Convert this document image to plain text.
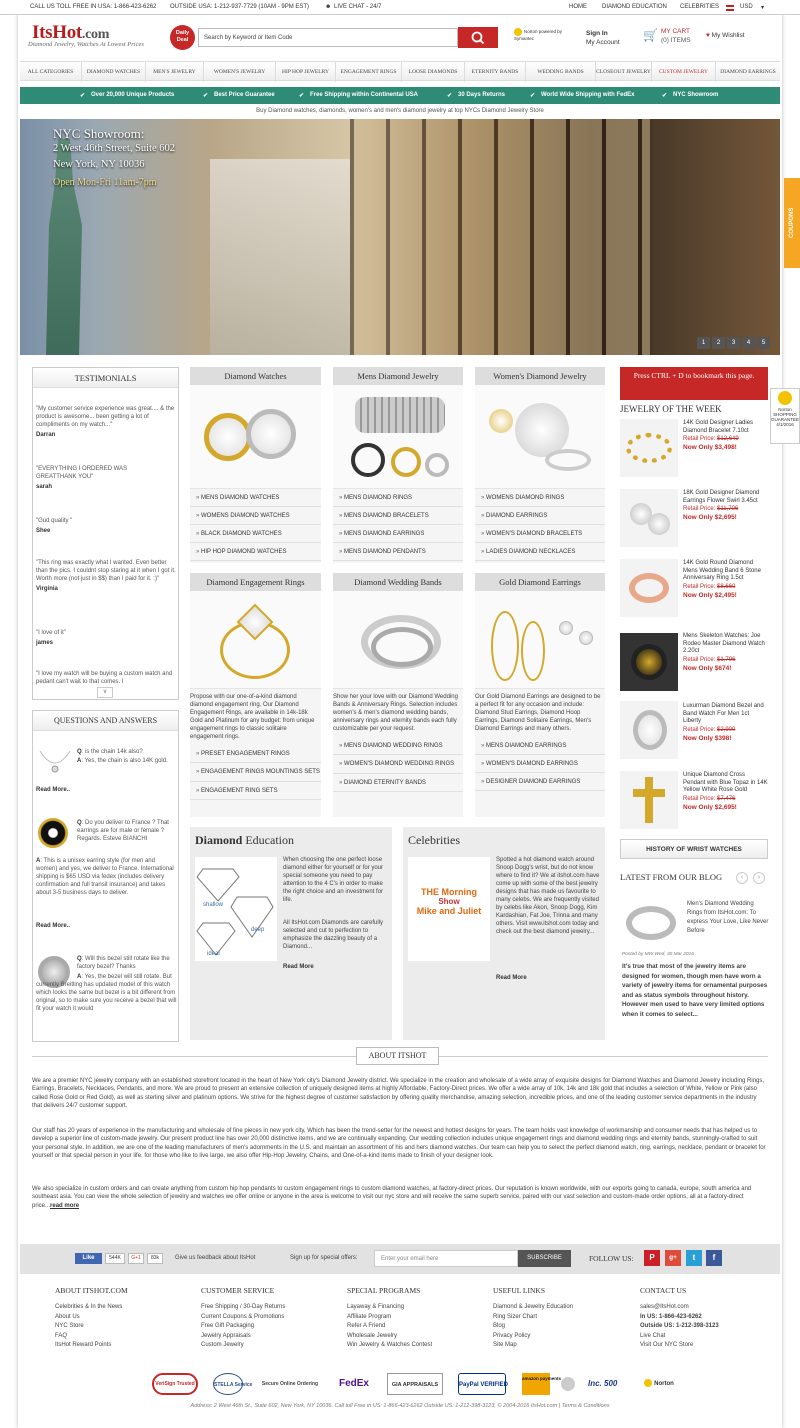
CALL US TOLL FREE IN USA: 1-866-423-6262 OUTSIDE USA: 1-212-937-7729 (10AM - 9PM EST)	☻ LIVE CHAT - 24/7	HOME	DIAMOND EDUCATION CELEBRITIES	USD ▾
ItsHot.com
Diamond Jewelry, Watches At Lowest Prices
Daily Deal	Search by Keyword or Item Code
Norton powered by Symantec
Sign In
My Account
🛒 MY CART
(0) ITEMS
♥ My Wishlist
ALL CATEGORIES	DIAMOND WATCHES	MEN'S JEWELRY	WOMEN'S JEWELRY	HIP HOP JEWELRY	ENGAGEMENT RINGS	LOOSE DIAMONDS	ETERNITY BANDS	WEDDING BANDS	CLOSEOUT JEWELRY	CUSTOM JEWELRY	DIAMOND EARRINGS
✔ Over 20,000 Unique Products	✔ Best Price Guarantee	✔ Free Shipping within Continental USA	✔ 30 Days Returns	✔ World Wide Shipping with FedEx	✔ NYC Showroom
Buy Diamond watches, diamonds, women's and men's diamond jewelry at top NYCs Diamond Jewelry Store
NYC Showroom:
2 West 46th Street, Suite 602
New York, NY 10036
Open Mon-Fri 11am-7pm
1	2	3	4	5
COUPONS
Norton SHOPPING GUARANTEE 4/1/2016
TESTIMONIALS
"My customer service experience was great.... & the product is awesome... been getting a lot of compliments on my watch..."
Darran
"EVERYTHING I ORDERED WAS GREATTHANK YOU"
sarah
"Gud quality "
Shee
"This ring was exactly what I wanted. Even better than the pics. I couldnt stop staring at it when I got it. Worth more (not just in $$) than I paid for it. :)"
Virginia
"I love of it"
james
"I love my watch will be buying a custom watch and pedant can't wait to that comes. I
∨
QUESTIONS AND ANSWERS
Q: is the chain 14k also?
A: Yes, the chain is also 14K gold.
Read More..
Q: Do you deliver to France ? That earrings are for male or female ? Regards. Esteve BIANCHI
A: This is a unisex earring style (for men and women) and yes, we deliver to France. International shipping is $65 USD via fedex (includes delivery confirmation and full transit insurance) and takes about 3-5 business days to deliver.
Read More..
Q: Will this bezel still rotate like the factory bezel? Thanks
A: Yes, the bezel will still rotate. But currently Breitling has updated model of this watch which looks the same but bezel is a bit different from original, so to make sure you receive a bezel that will fit your watch it would
Diamond Watches
» MENS DIAMOND WATCHES
» WOMENS DIAMOND WATCHES
» BLACK DIAMOND WATCHES
» HIP HOP DIAMOND WATCHES
Mens Diamond Jewelry
» MENS DIAMOND RINGS
» MENS DIAMOND BRACELETS
» MENS DIAMOND EARRINGS
» MENS DIAMOND PENDANTS
Women's Diamond Jewelry
» WOMENS DIAMOND RINGS
» DIAMOND EARRINGS
» WOMEN'S DIAMOND BRACELETS
» LADIES DIAMOND NECKLACES
Diamond Engagement Rings
Propose with our one-of-a-kind diamond diamond engagement ring. Our Diamond Engagement Rings, are available in 14k-18k Gold and Platinum for any budget: from unique engagement rings to classic solitaire engagement rings.
» PRESET ENGAGEMENT RINGS
» ENGAGEMENT RINGS MOUNTINGS SETS
» ENGAGEMENT RING SETS
Diamond Wedding Bands
Show her your love with our Diamond Wedding Bands & Anniversary Rings. Selection includes women's & men's diamond wedding bands, anniversary rings and eternity bands each fully customizable per your request.
» MENS DIAMOND WEDDING RINGS
» WOMEN'S DIAMOND WEDDING RINGS
» DIAMOND ETERNITY BANDS
Gold Diamond Earrings
Our Gold Diamond Earrings are designed to be a perfect fit for any occasion and include: Diamond Stud Earrings, Diamond Hoop Earrings, Diamond Solitaire Earrings, Men's Diamond Earrings and many others.
» MENS DIAMOND EARRINGS
» WOMEN'S DIAMOND EARRINGS
» DESIGNER DIAMOND EARRINGS
Diamond Education
shallow
deep
ideal
When choosing the one perfect loose diamond either for yourself or for your special someone you need to pay attention to the 4 C's in order to make the right choice and an investment for life.
All ItsHot.com Diamonds are carefully selected and cut to perfection to emphasize the dazzling beauty of a Diamond...
Read More
Celebrities
THE Morning
Show
Mike and Juliet
Spotted a hot diamond watch around Snoop Dogg's wrist, but do not know where to find it? We at itshot.com have come up with some of the best jewelry designs that has made us favourite to many celebs. We are frequently visited by celebs like Akon, Snoop Dogg, Kim Kardashian, Fat Joe, Trinna and many others. Visit www.itshot.com today and check out the best diamond jewelry...
Read More
Press CTRL + D to bookmark this page.
JEWELRY OF THE WEEK
14K Gold Designer Ladies Diamond Bracelet 7.10ct
Retail Price: $12,649
Now Only $3,498!
18K Gold Designer Diamond Earrings Flower Swirl 3.45ct
Retail Price: $11,706
Now Only $2,695!
14K Gold Round Diamond Mens Wedding Band 6 Stone Anniversary Ring 1.5ct
Retail Price: $8,660
Now Only $2,495!
Mens Skeleton Watches: Joe Rodeo Master Diamond Watch 2.20ct
Retail Price: $1,796
Now Only $674!
Luxurman Diamond Bezel and Band Watch For Men 1ct Liberty
Retail Price: $2,900
Now Only $398!
Unique Diamond Cross Pendant with Blue Topaz in 14K Yellow White Rose Gold
Retail Price: $7,476
Now Only $2,695!
HISTORY OF WRIST WATCHES
LATEST FROM OUR BLOG	‹	›
Men's Diamond Wedding Rings from ItsHot.com: To express Your Love, Like Never Before
Posted by MW Wed, 30 Mar 2016
It's true that most of the jewelry items are designed for women, though men have worn a variety of jewelry items for ornamental purposes and as status symbols throughout history. However men used to have very limited options when it comes to select...
ABOUT ITSHOT
We are a premier NYC jewelry company with an established storefront located in the heart of New York city's Diamond Jewelry district. We specialize in the creation and wholesale of a wide array of exquisite designs for Diamond Watches and Diamond Jewelry including Rings, Earrings, Bracelets, Necklaces, Pendants, and more. We are proud to present an extensive collection of uniquely designed items at highly Affordable, Factory-Direct prices. We offer a wide array of 10k, 14k and 18k gold that includes a selection of White, Yellow or Pink (also called Rose Gold or Red Gold), as well as sterling silver and platinum options. We strive for the highest degree of customer satisfaction by offering quality merchandise, amazing selection, incredible prices, and one of the leading customer service departments in the industry that delivers 24/7 customer support.
Our staff has 20 years of experience in the manufacturing and wholesale of fine pieces in new york city, Which has been the trend-setter for the newest and hottest designs for years. The team holds vast knowledge of workmanship and consumer needs that has helped us to develop a superior line of custom-made jewelry. Our present product line has over 20,000 distinctive items, and we are continually expanding. Our wedding collection includes unique engagement rings and diamond wedding rings and eternity bands, stunningly-crafted to suit your personal style. In addition, we are one of the leading manufacturers of men's adornments in the U.S. and maintain an assortment of his and hers diamond watches. Our team can help you to select the perfect diamond watch, ring, earrings, necklace, pendant or bracelet for yourself or that special person in your life. for those who like to live large, we also offer Hip-Hop Jewelry, Chains, and One-of-a-kind items made to finish of your designer look.
We also specialize in custom orders and can create anything from custom hip hop pendants to custom engagement rings to custom diamond watches, at factory-direct prices. Our reputation is known worldwide, with our exports going to canada, europe, south america and southeast asia. You can view the whole selection of jewelry and watches we offer online or anyone in the area is welcome to visit our nyc store and will receive the same superb service, paired with our vast selection and custom-made order options, all at a factory-direct price...read more
Like	544K	G+1	83k	Give us feedback about ItsHot	Sign up for special offers:	Enter your email here	SUBSCRIBE	FOLLOW US:	P	g+	t	f
ABOUT ITSHOT.COM
Celebrities & In the News
About Us
NYC Store
FAQ
ItsHot Reward Points
CUSTOMER SERVICE
Free Shipping / 30-Day Returns
Current Coupons & Promotions
Free Gift Packaging
Jewelry Appraisals
Custom Jewelry
SPECIAL PROGRAMS
Layaway & Financing
Affiliate Program
Refer A Friend
Wholesale Jewelry
Win Jewelry & Watches Contest
USEFUL LINKS
Diamond & Jewelry Education
Ring Sizer Chart
Blog
Privacy Policy
Site Map
CONTACT US
sales@ItsHot.com
In US: 1-866-423-6262
Outside US: 1-212-398-3123
Live Chat
Visit Our NYC Store
VeriSign Trusted	STELLA Service	Secure Online Ordering	FedEx	GIA APPRAISALS	PayPal VERIFIED
amazon payments
Inc. 500	Norton
Address: 2 West 46th St., Suite 602, New York, NY 10036. Call toll Free in US: 1-866-423-6262 Outside US: 1-212-398-3123. © 2004-2016 ItsHot.com | Terms & Conditions
